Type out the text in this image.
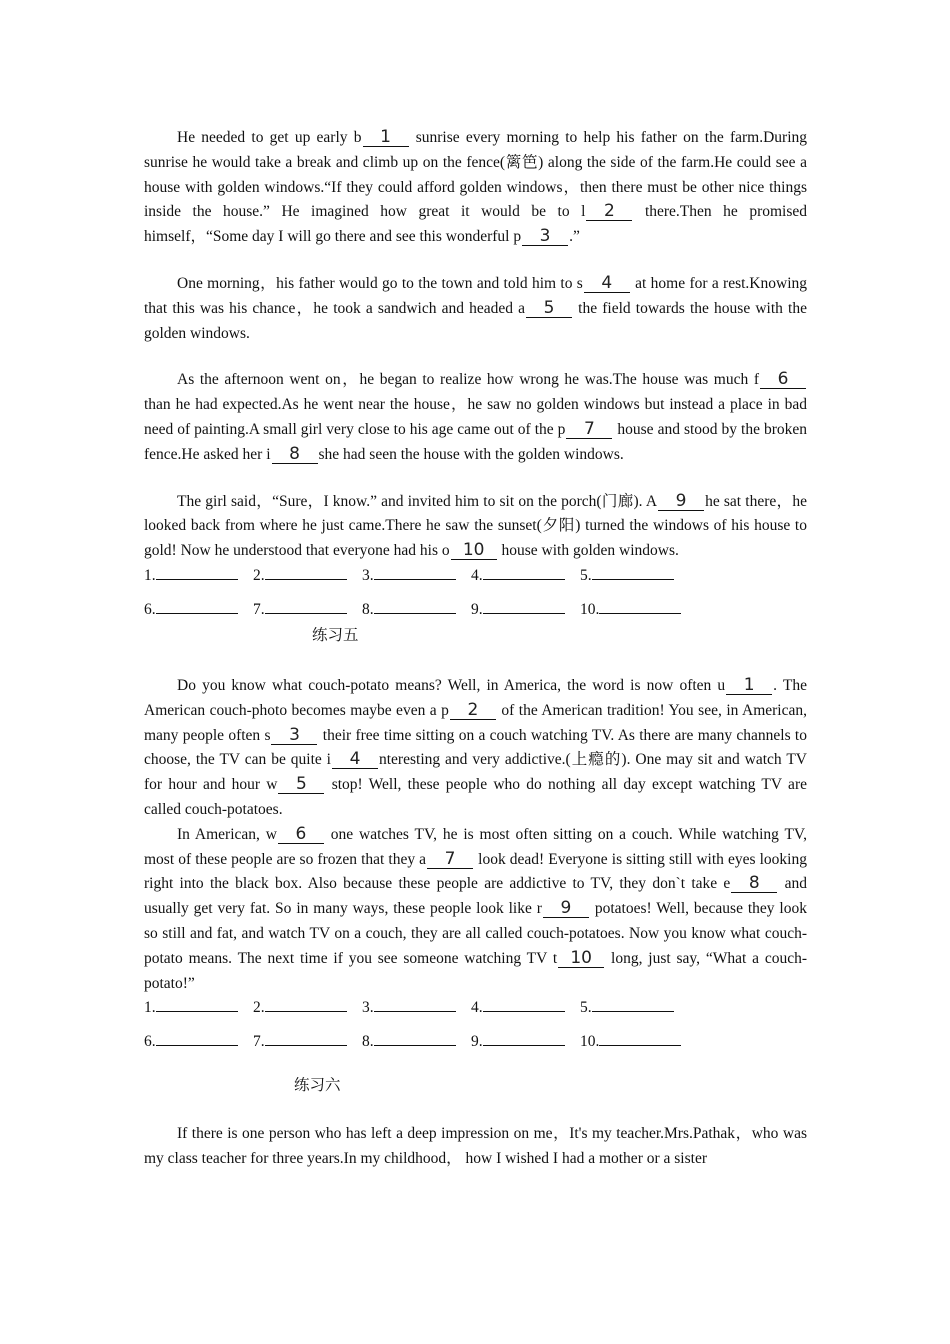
He needed to get up early b 1 sunrise every morning to help his father on the farm.During sunrise he would take a break and climb up on the fence(篱笆) along the side of the farm.He could see a house with golden windows.“If they could afford golden windows，then there must be other nice things inside the house.” He imagined how great it would be to l 2 there.Then he promised himself，“Some day I will go there and see this wonderful p 3 .”

One morning，his father would go to the town and told him to s 4 at home for a rest.Knowing that this was his chance，he took a sandwich and headed a 5 the field towards the house with the golden windows.

As the afternoon went on，he began to realize how wrong he was.The house was much f 6 than he had expected.As he went near the house，he saw no golden windows but instead a place in bad need of painting.A small girl very close to his age came out of the p 7 house and stood by the broken fence.He asked her i 8 she had seen the house with the golden windows.

The girl said，“Sure，I know.” and invited him to sit on the porch(门廊). A 9 he sat there，he looked back from where he just came.There he saw the sunset(夕阳) turned the windows of his house to gold! Now he understood that everyone had his o 10 house with golden windows.

1.	2.	3.	4.	5.
6.	7.	8.	9.	10.
练习五

Do you know what couch-potato means? Well, in America, the word is now often u 1 . The American couch-photo becomes maybe even a p 2 of the American tradition! You see, in American, many people often s 3 their free time sitting on a couch watching TV. As there are many channels to choose, the TV can be quite i 4 nteresting and very addictive.(上瘾的). One may sit and watch TV for hour and hour w 5 stop! Well, these people who do nothing all day except watching TV are called couch-potatoes.

In American, w 6 one watches TV, he is most often sitting on a couch. While watching TV, most of these people are so frozen that they a 7 look dead! Everyone is sitting still with eyes looking right into the black box. Also because these people are addictive to TV, they don`t take e 8 and usually get very fat. So in many ways, these people look like r 9 potatoes! Well, because they look so still and fat, and watch TV on a couch, they are all called couch-potatoes. Now you know what couch-potato means. The next time if you see someone watching TV t 10 long, just say, “What a couch-potato!”

1.	2.	3.	4.	5.
6.	7.	8.	9.	10.
练习六

If there is one person who has left a deep impression on me，It's my teacher.Mrs.Pathak，who was my class teacher for three years.In my childhood， how I wished I had a mother or a sister
